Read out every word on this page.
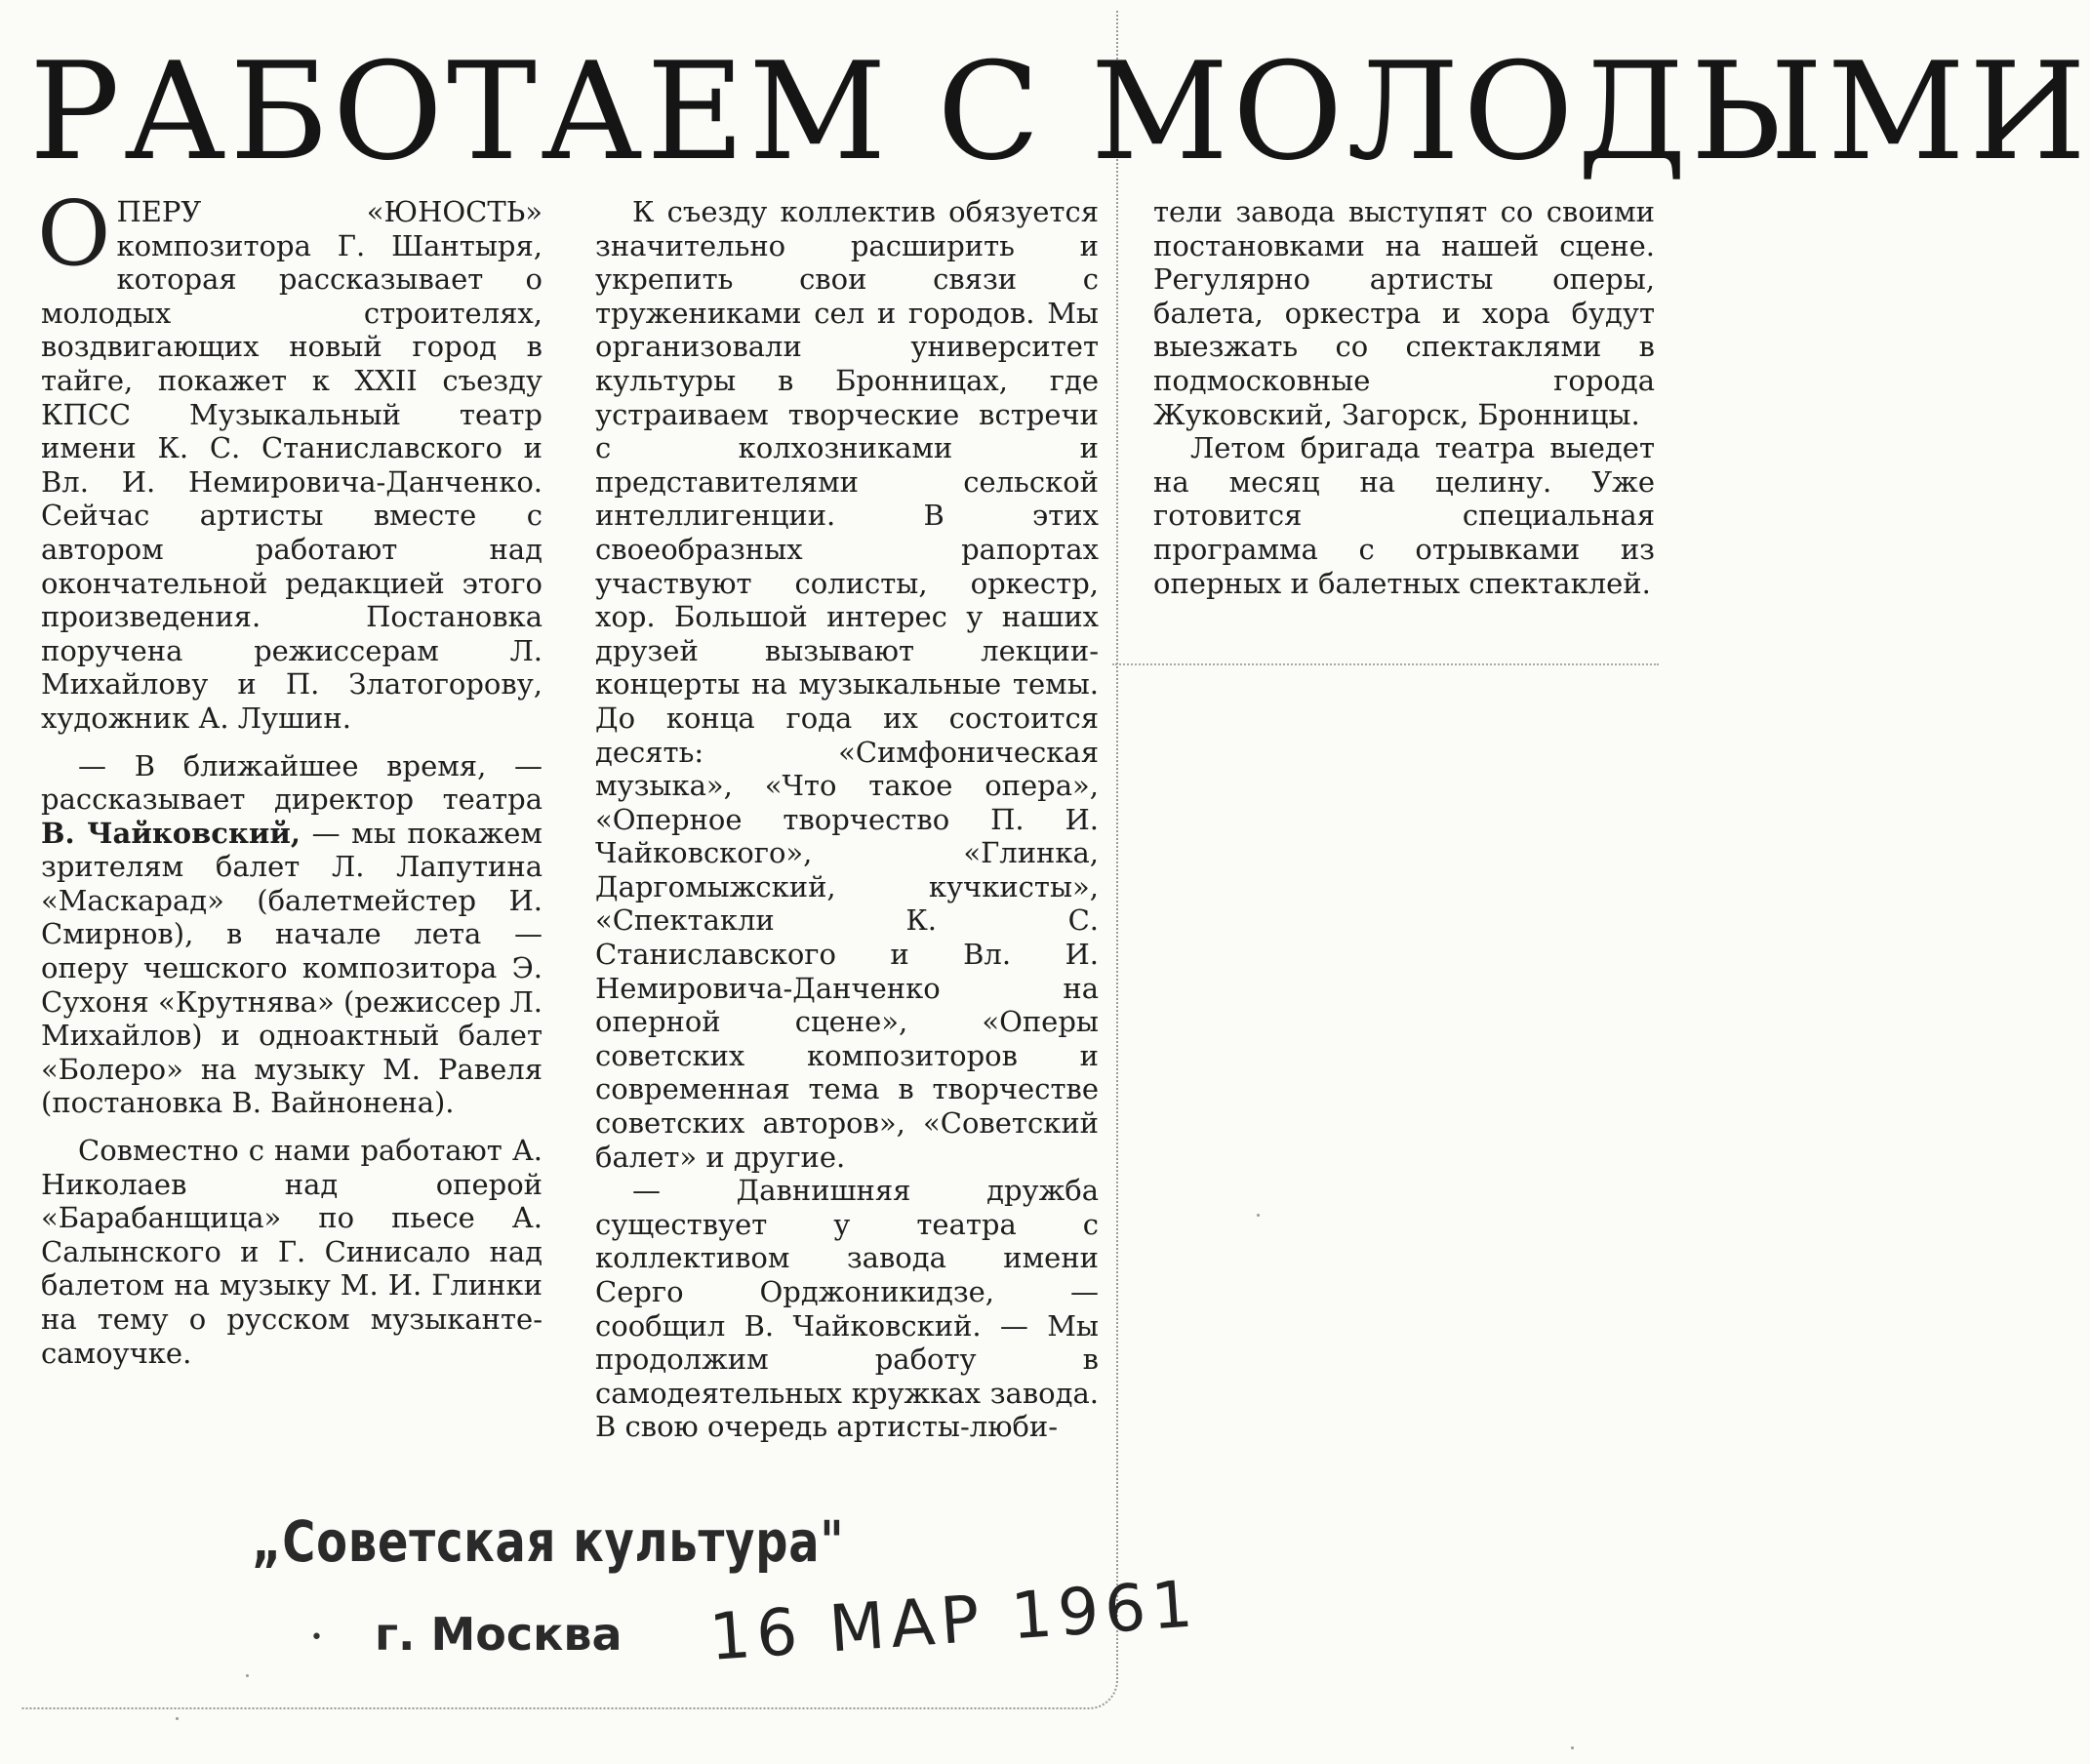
РАБОТАЕМ С МОЛОДЫМИ

ОПЕРУ «ЮНОСТЬ» композитора Г. Шантыря, которая рассказывает о молодых строителях, воздвигающих новый город в тайге, покажет к XXII съезду КПСС Музыкальный театр имени К. С. Станиславского и Вл. И. Немировича-Данченко. Сейчас артисты вместе с автором работают над окончательной редакцией этого произведения. Постановка поручена режиссерам Л. Михайлову и П. Златогорову, художник А. Лушин.

— В ближайшее время, — рассказывает директор театра В. Чайковский, — мы покажем зрителям балет Л. Лапутина «Маскарад» (балетмейстер И. Смирнов), в начале лета — оперу чешского композитора Э. Сухоня «Крутнява» (режиссер Л. Михайлов) и одноактный балет «Болеро» на музыку М. Равеля (постановка В. Вайнонена).

Совместно с нами работают А. Николаев над оперой «Барабанщица» по пьесе А. Салынского и Г. Синисало над балетом на музыку М. И. Глинки на тему о русском музыканте-самоучке.

К съезду коллектив обязуется значительно расширить и укрепить свои связи с тружениками сел и городов. Мы организовали университет культуры в Бронницах, где устраиваем творческие встречи с колхозниками и представителями сельской интеллигенции. В этих своеобразных рапортах участвуют солисты, оркестр, хор. Большой интерес у наших друзей вызывают лекции-концерты на музыкальные темы. До конца года их состоится десять: «Симфоническая музыка», «Что такое опера», «Оперное творчество П. И. Чайковского», «Глинка, Даргомыжский, кучкисты», «Спектакли К. С. Станиславского и Вл. И. Немировича-Данченко на оперной сцене», «Оперы советских композиторов и современная тема в творчестве советских авторов», «Советский балет» и другие.

— Давнишняя дружба существует у театра с коллективом завода имени Серго Орджоникидзе, — сообщил В. Чайковский. — Мы продолжим работу в самодеятельных кружках завода. В свою очередь артисты-люби-

тели завода выступят со своими постановками на нашей сцене. Регулярно артисты оперы, балета, оркестра и хора будут выезжать со спектаклями в подмосковные города Жуковский, Загорск, Бронницы.

Летом бригада театра выедет на месяц на целину. Уже готовится специальная программа с отрывками из оперных и балетных спектаклей.

„Советская культура"
• г. Москва 16 МАР 1961
